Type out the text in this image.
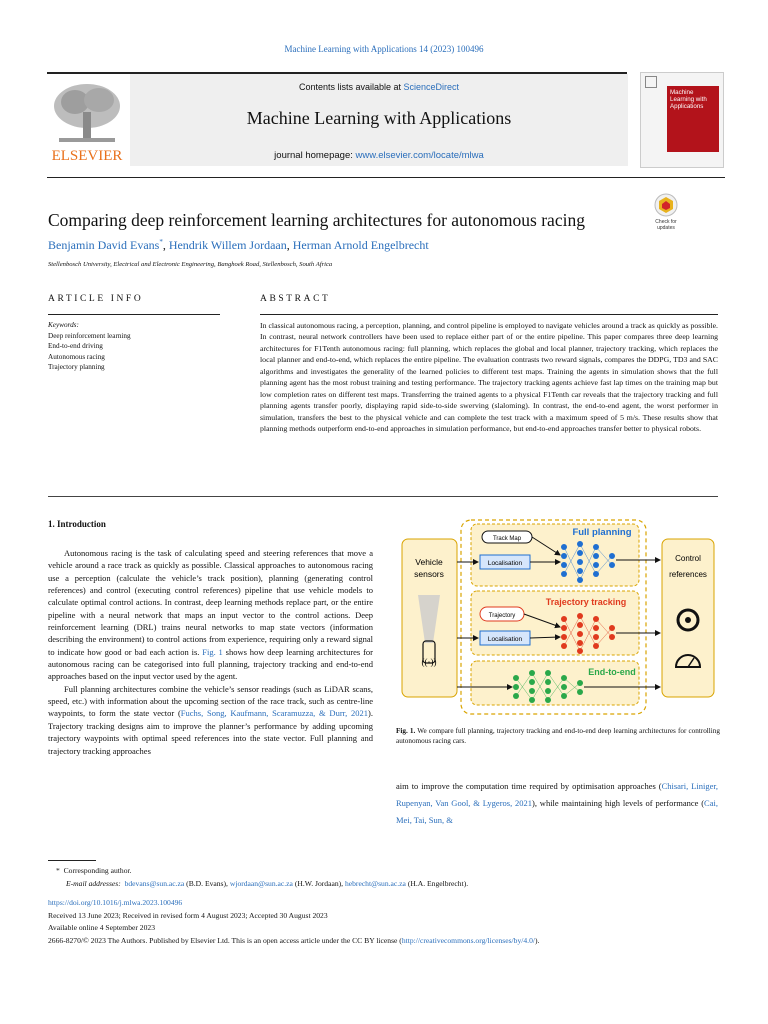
Machine Learning with Applications 14 (2023) 100496
ELSEVIER
Contents lists available at ScienceDirect
Machine Learning with Applications
journal homepage: www.elsevier.com/locate/mlwa
Machine Learning with Applications
Comparing deep reinforcement learning architectures for autonomous racing	Check for
updates
Benjamin David Evans*, Hendrik Willem Jordaan, Herman Arnold Engelbrecht
Stellenbosch University, Electrical and Electronic Engineering, Banghoek Road, Stellenbosch, South Africa
ARTICLE INFO	ABSTRACT
Keywords:
Deep reinforcement learning
End-to-end driving
Autonomous racing
Trajectory planning
In classical autonomous racing, a perception, planning, and control pipeline is employed to navigate vehicles around a track as quickly as possible. In contrast, neural network controllers have been used to replace either part of or the entire pipeline. This paper compares three deep learning architectures for F1Tenth autonomous racing: full planning, which replaces the global and local planner, trajectory tracking, which replaces the local planner and end-to-end, which replaces the entire pipeline. The evaluation contrasts two reward signals, compares the DDPG, TD3 and SAC algorithms and investigates the generality of the learned policies to different test maps. Training the agents in simulation shows that the full planning agent has the most robust training and testing performance. The trajectory tracking agents achieve fast lap times on the training map but low completion rates on different test maps. Transferring the trained agents to a physical F1Tenth car reveals that the trajectory tracking and full planning agents transfer poorly, displaying rapid side-to-side swerving (slaloming). In contrast, the end-to-end agent, the worst performer in simulation, transfers the best to the physical vehicle and can complete the test track with a maximum speed of 5 m/s. These results show that planning methods outperform end-to-end approaches in simulation performance, but end-to-end approaches transfer better to physical robots.
1. Introduction

Autonomous racing is the task of calculating speed and steering references that move a vehicle around a race track as quickly as possible. Classical approaches to autonomous racing use a perception (calculate the vehicle’s track position), planning (generating control references) and control (executing control references) pipeline that use vehicle models to calculate optimal control actions. In contrast, deep learning methods replace part, or the entire pipeline with a neural network that maps an input vector to the control actions. Deep reinforcement learning (DRL) trains neural networks to map state vectors (information describing the environment) to control actions from experience, requiring only a reward signal to indicate how good or bad each action is. Fig. 1 shows how deep learning architectures for autonomous racing can be categorised into full planning, trajectory tracking and end-to-end approaches based on the input vector used by the agent.

Full planning architectures combine the vehicle’s sensor readings (such as LiDAR scans, speed, etc.) with information about the upcoming section of the race track, such as centre-line waypoints, to form the state vector (Fuchs, Song, Kaufmann, Scaramuzza, & Durr, 2021). Trajectory tracking designs aim to improve the planner’s performance by adding upcoming trajectory waypoints with optimal speed references into the state vector. Full planning and trajectory tracking approaches

aim to improve the computation time required by optimisation approaches (Chisari, Liniger, Rupenyan, Van Gool, & Lygeros, 2021), while maintaining high levels of performance (Cai, Mei, Tai, Sun, &
Vehicle
sensors
((·))
Control
references
Full planning
Track Map
Localisation
Trajectory tracking
Trajectory
Localisation
End-to-end
Fig. 1. We compare full planning, trajectory tracking and end-to-end deep learning architectures for controlling autonomous racing cars.
* Corresponding author.
E-mail addresses: bdevans@sun.ac.za (B.D. Evans), wjordaan@sun.ac.za (H.W. Jordaan), hebrecht@sun.ac.za (H.A. Engelbrecht).
https://doi.org/10.1016/j.mlwa.2023.100496
Received 13 June 2023; Received in revised form 4 August 2023; Accepted 30 August 2023
Available online 4 September 2023
2666-8270/© 2023 The Authors. Published by Elsevier Ltd. This is an open access article under the CC BY license (http://creativecommons.org/licenses/by/4.0/).
